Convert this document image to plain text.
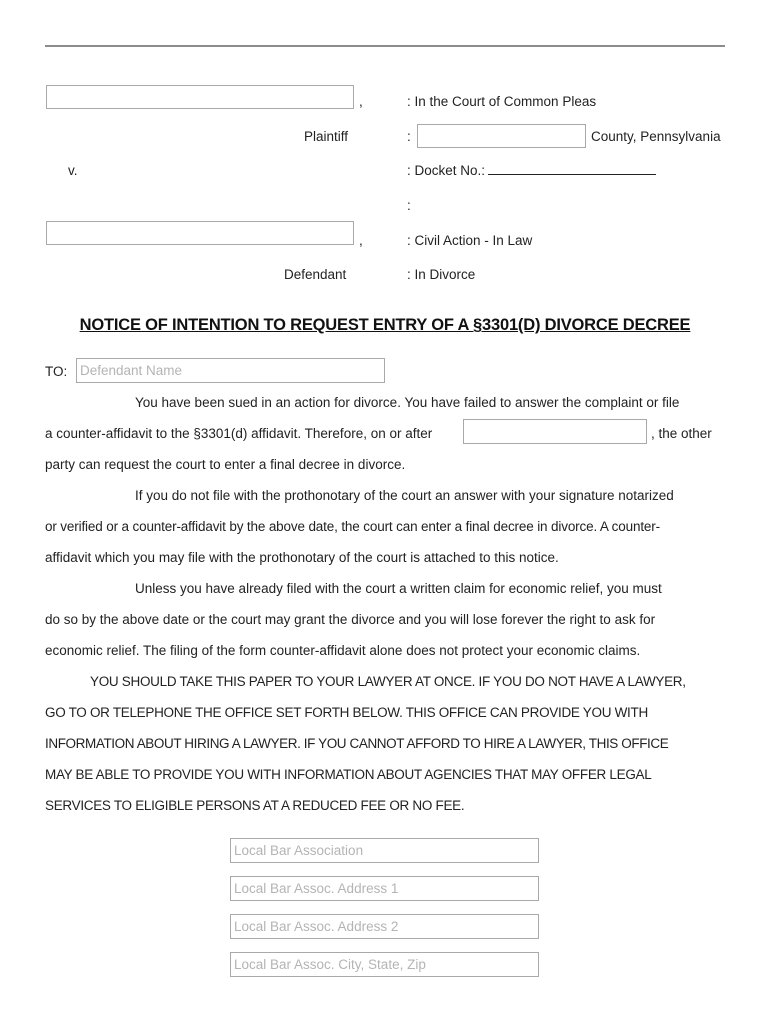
,	: In the Court of Common Pleas
Plaintiff	:	County, Pennsylvania
v.	: Docket No.:
:
,	: Civil Action - In Law
Defendant	: In Divorce
NOTICE OF INTENTION TO REQUEST ENTRY OF A §3301(D) DIVORCE DECREE
TO: Defendant Name
You have been sued in an action for divorce. You have failed to answer the complaint or file
a counter-affidavit to the §3301(d) affidavit. Therefore, on or after	, the other
party can request the court to enter a final decree in divorce.
If you do not file with the prothonotary of the court an answer with your signature notarized
or verified or a counter-affidavit by the above date, the court can enter a final decree in divorce. A counter-
affidavit which you may file with the prothonotary of the court is attached to this notice.
Unless you have already filed with the court a written claim for economic relief, you must
do so by the above date or the court may grant the divorce and you will lose forever the right to ask for
economic relief. The filing of the form counter-affidavit alone does not protect your economic claims.
YOU SHOULD TAKE THIS PAPER TO YOUR LAWYER AT ONCE. IF YOU DO NOT HAVE A LAWYER,
GO TO OR TELEPHONE THE OFFICE SET FORTH BELOW. THIS OFFICE CAN PROVIDE YOU WITH
INFORMATION ABOUT HIRING A LAWYER. IF YOU CANNOT AFFORD TO HIRE A LAWYER, THIS OFFICE
MAY BE ABLE TO PROVIDE YOU WITH INFORMATION ABOUT AGENCIES THAT MAY OFFER LEGAL
SERVICES TO ELIGIBLE PERSONS AT A REDUCED FEE OR NO FEE.
Local Bar Association
Local Bar Assoc. Address 1
Local Bar Assoc. Address 2
Local Bar Assoc. City, State, Zip
